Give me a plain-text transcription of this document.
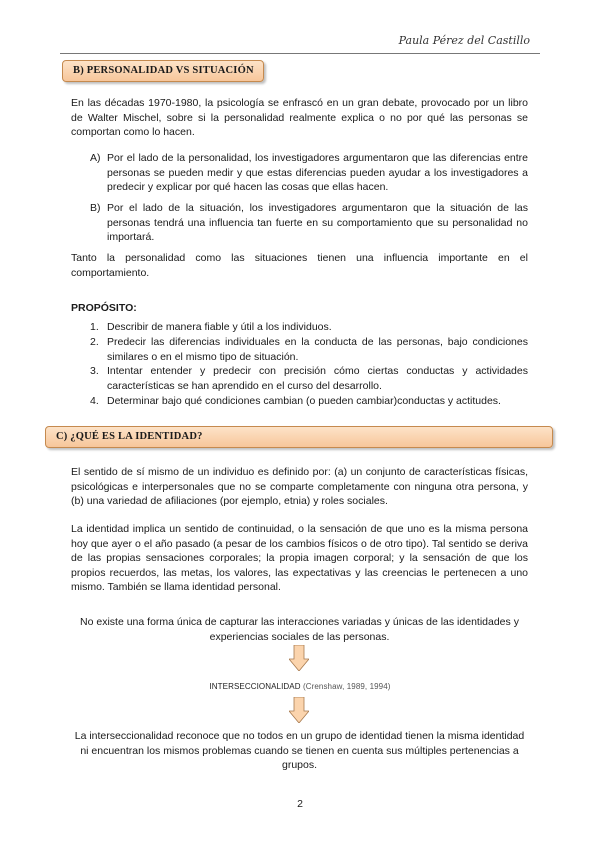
Paula Pérez del Castillo
B) PERSONALIDAD VS SITUACIÓN

En las décadas 1970-1980, la psicología se enfrascó en un gran debate, provocado por un libro de Walter Mischel, sobre si la personalidad realmente explica o no por qué las personas se comportan como lo hacen.

A) Por el lado de la personalidad, los investigadores argumentaron que las diferencias entre personas se pueden medir y que estas diferencias pueden ayudar a los investigadores a predecir y explicar por qué hacen las cosas que ellas hacen.
B) Por el lado de la situación, los investigadores argumentaron que la situación de las personas tendrá una influencia tan fuerte en su comportamiento que su personalidad no importará.

Tanto la personalidad como las situaciones tienen una influencia importante en el comportamiento.

PROPÓSITO:
1. Describir de manera fiable y útil a los individuos.
2. Predecir las diferencias individuales en la conducta de las personas, bajo condiciones similares o en el mismo tipo de situación.
3. Intentar entender y predecir con precisión cómo ciertas conductas y actividades características se han aprendido en el curso del desarrollo.
4. Determinar bajo qué condiciones cambian (o pueden cambiar)conductas y actitudes.
C) ¿QUÉ ES LA IDENTIDAD?

El sentido de sí mismo de un individuo es definido por: (a) un conjunto de características físicas, psicológicas e interpersonales que no se comparte completamente con ninguna otra persona, y (b) una variedad de afiliaciones (por ejemplo, etnia) y roles sociales.

La identidad implica un sentido de continuidad, o la sensación de que uno es la misma persona hoy que ayer o el año pasado (a pesar de los cambios físicos o de otro tipo). Tal sentido se deriva de las propias sensaciones corporales; la propia imagen corporal; y la sensación de que los propios recuerdos, las metas, los valores, las expectativas y las creencias le pertenecen a uno mismo. También se llama identidad personal.

No existe una forma única de capturar las interacciones variadas y únicas de las identidades y experiencias sociales de las personas.

INTERSECCIONALIDAD (Crenshaw, 1989, 1994)

La interseccionalidad reconoce que no todos en un grupo de identidad tienen la misma identidad ni encuentran los mismos problemas cuando se tienen en cuenta sus múltiples pertenencias a grupos.

2
